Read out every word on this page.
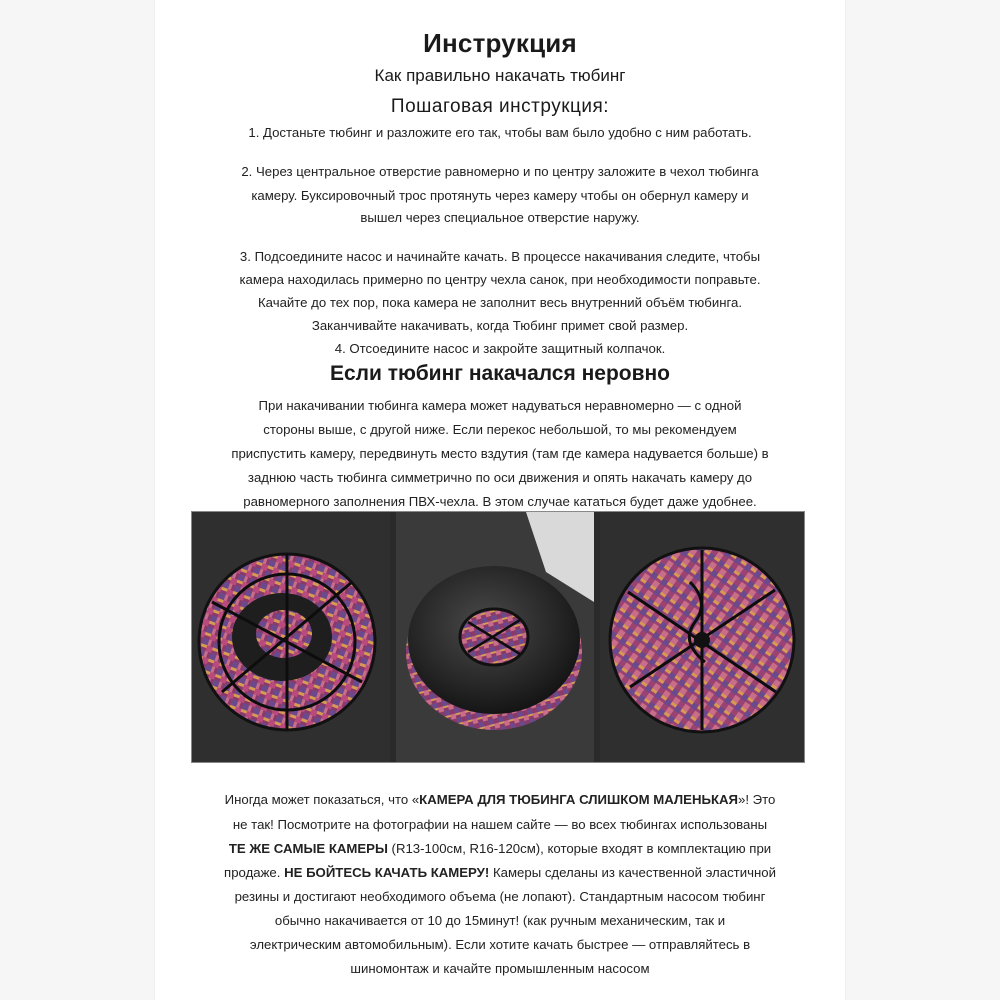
Инструкция
Как правильно накачать тюбинг
Пошаговая инструкция:
1. Достаньте тюбинг и разложите его так, чтобы вам было удобно с ним работать.
2. Через центральное отверстие равномерно и по центру заложите в чехол тюбинга
камеру. Буксировочный трос протянуть через камеру чтобы он обернул камеру и
вышел через специальное отверстие наружу.
3. Подсоедините насос и начинайте качать. В процессе накачивания следите, чтобы
камера находилась примерно по центру чехла санок, при необходимости поправьте.
Качайте до тех пор, пока камера не заполнит весь внутренний объём тюбинга.
Заканчивайте накачивать, когда Тюбинг примет свой размер.
4. Отсоедините насос и закройте защитный колпачок.
Если тюбинг накачался неровно
При накачивании тюбинга камера может надуваться неравномерно — с одной
стороны выше, с другой ниже. Если перекос небольшой, то мы рекомендуем
приспустить камеру, передвинуть место вздутия (там где камера надувается больше) в
заднюю часть тюбинга симметрично по оси движения и опять накачать камеру до
равномерного заполнения ПВХ-чехла. В этом случае кататься будет даже удобнее.
Иногда может показаться, что «КАМЕРА ДЛЯ ТЮБИНГА СЛИШКОМ МАЛЕНЬКАЯ»! Это
не так! Посмотрите на фотографии на нашем сайте — во всех тюбингах использованы
ТЕ ЖЕ САМЫЕ КАМЕРЫ (R13-100см, R16-120см), которые входят в комплектацию при
продаже. НЕ БОЙТЕСЬ КАЧАТЬ КАМЕРУ! Камеры сделаны из качественной эластичной
резины и достигают необходимого объема (не лопают). Стандартным насосом тюбинг
обычно накачивается от 10 до 15минут! (как ручным механическим, так и
электрическим автомобильным). Если хотите качать быстрее — отправляйтесь в
шиномонтаж и качайте промышленным насосом
